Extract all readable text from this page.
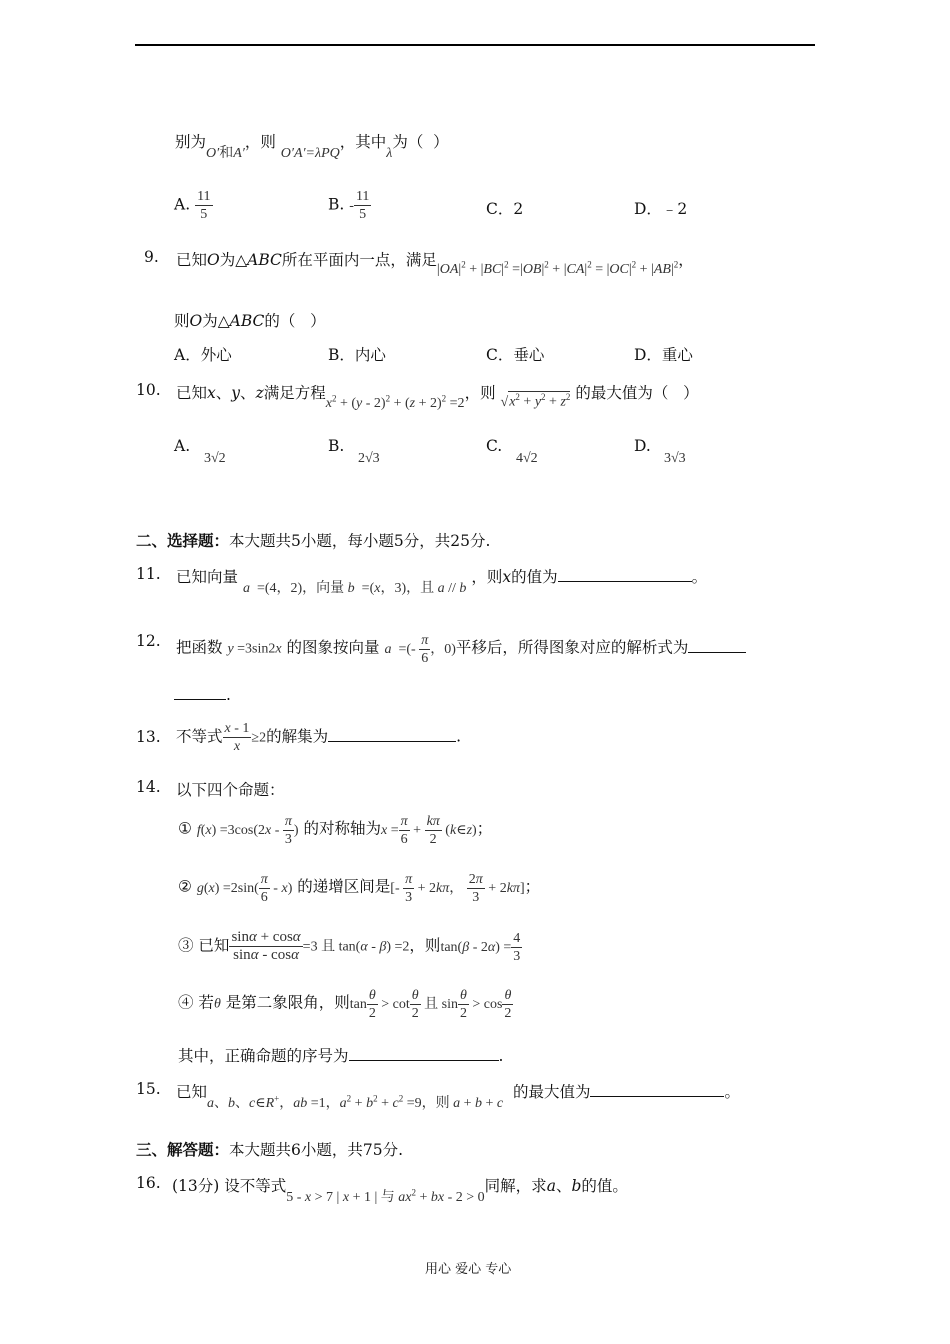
别为O′和A′，则 O′A′=λPQ，其中λ为（  ）
A. $\frac{11}{5}$	B. - $\frac{11}{5}$	C．2	D．﹣2
9. 已知O为△ABC所在平面内一点，满足$|OA|^2 + |BC|^2 =|OB|^2 + |CA|^2 = |OC|^2 + |AB|^2$，
则O为△ABC的（   ）
A．外心	B．内心	C．垂心	D．重心
10. 已知x、y、z满足方程$x^2 + (y - 2)^2 + (z + 2)^2 =2$，则 $√x^2 + y^2 + z^2$ 的最大值为（   ）
A.
3√2
B.
2√3
C.
4√2
D.
3√3
二、选择题：本大题共5小题，每小题5分，共25分.
11. 已知向量 a  =(4，2)，向量 b  =(x，3)，且 a // b ，则x的值为	。
12. 把函数 y =3sin2x 的图象按向量 a  =(- $\frac{\pi}{6}$ ，0)平移后，所得图象对应的解析式为
.
13. 不等式 $\frac{x - 1}{x} \ge 2$的解集为	.
14. 以下四个命题：
① $f(x) =3\cos(2x - \frac{\pi}{3}$ ) 的对称轴为$x = \frac{\pi}{6} + \frac{k\pi}{2}$ (k∈z)；
② $g(x) =2\sin( \frac{\pi}{6} - x)$ 的递增区间是[- $\frac{\pi}{3} + 2k\pi$， $\frac{2\pi}{3} + 2k\pi$]；
③ 已知 $\frac{\sin\alpha + \cos\alpha}{\sin\alpha - \cos\alpha} =3$ 且 tan(α - β) =2，则$\tan(\beta - 2\alpha) = \frac{4}{3}$
④ 若θ 是第二象限角，则$\tan \frac{\theta}{2} > \cot \frac{\theta}{2}$ 且 $\sin \frac{\theta}{2} > \cos \frac{\theta}{2}$
其中，正确命题的序号为	.
15. 已知a、b、c∈R+，ab =1，$a^2 + b^2 + c^2 =9$，则 a + b + c  的最大值为	。
三、解答题：本大题共6小题，共75分.
16. (13分) 设不等式5 - x > 7 | x + 1 | 与 $ax^2$ + bx - 2 > 0同解，求a、b的值。
用心 爱心 专心
